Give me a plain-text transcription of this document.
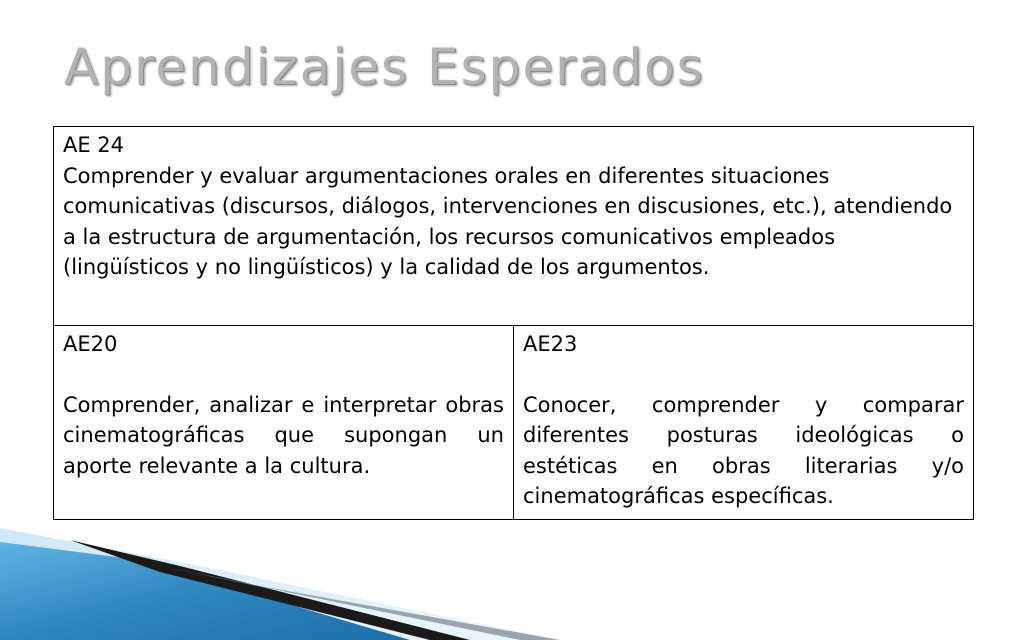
Aprendizajes Esperados
AE 24
Comprender y evaluar argumentaciones orales en diferentes situaciones comunicativas (discursos, diálogos, intervenciones en discusiones, etc.), atendiendo a la estructura de argumentación, los recursos comunicativos empleados (lingüísticos y no lingüísticos) y la calidad de los argumentos.

AE20
Comprender, analizar e interpretar obras cinematográficas que supongan un aporte relevante a la cultura.

AE23
Conocer, comprender y comparar diferentes posturas ideológicas o estéticas en obras literarias y/o cinematográficas específicas.
